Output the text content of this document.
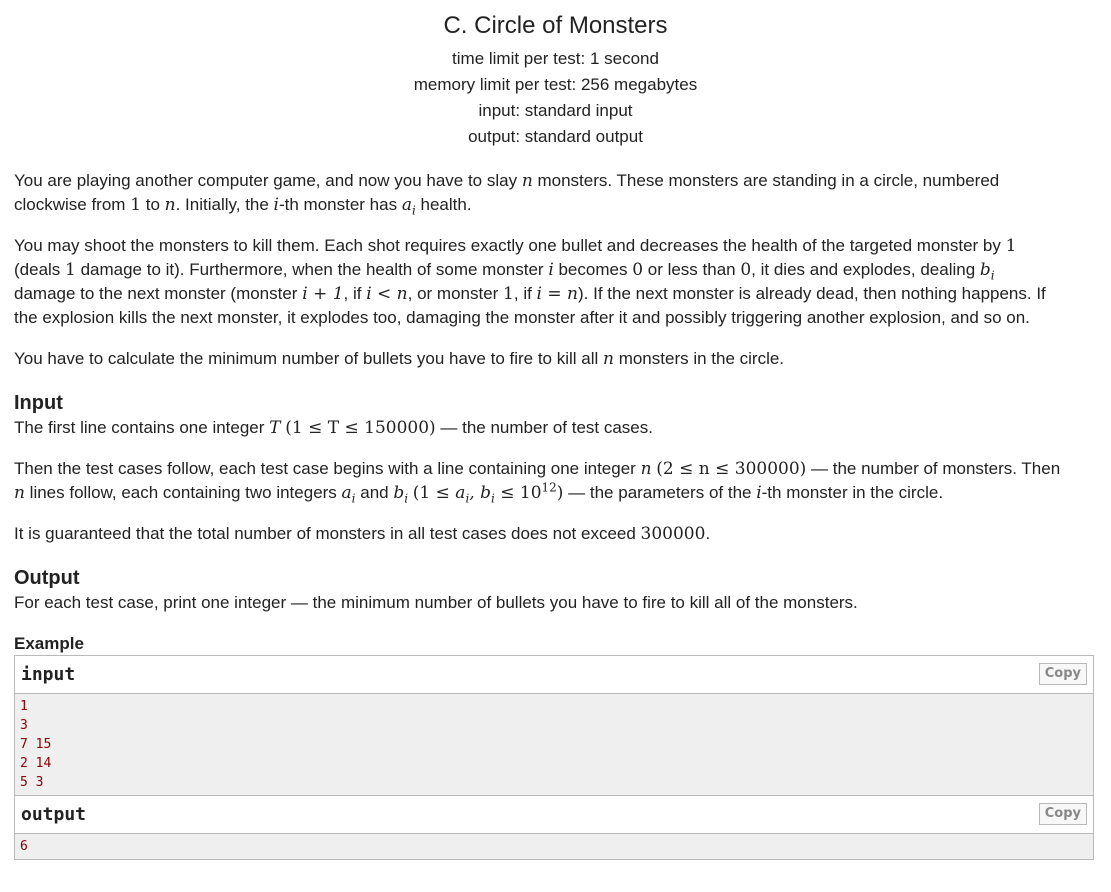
C. Circle of Monsters
time limit per test: 1 second
memory limit per test: 256 megabytes
input: standard input
output: standard output

You are playing another computer game, and now you have to slay n monsters. These monsters are standing in a circle, numbered
clockwise from 1 to n. Initially, the i-th monster has $a_i$ health.

You may shoot the monsters to kill them. Each shot requires exactly one bullet and decreases the health of the targeted monster by 1
(deals 1 damage to it). Furthermore, when the health of some monster i becomes 0 or less than 0, it dies and explodes, dealing $b_i$
damage to the next monster (monster i + 1, if i < n, or monster 1, if i = n). If the next monster is already dead, then nothing happens. If
the explosion kills the next monster, it explodes too, damaging the monster after it and possibly triggering another explosion, and so on.

You have to calculate the minimum number of bullets you have to fire to kill all n monsters in the circle.

Input

The first line contains one integer T (1 ≤ T ≤ 150000) — the number of test cases.

Then the test cases follow, each test case begins with a line containing one integer n (2 ≤ n ≤ 300000) — the number of monsters. Then
n lines follow, each containing two integers $a_i$ and $b_i$ ($1 \le a_i$, $b_i \le 10^{12}$) — the parameters of the i-th monster in the circle.

It is guaranteed that the total number of monsters in all test cases does not exceed 300000.

Output

For each test case, print one integer — the minimum number of bullets you have to fire to kill all of the monsters.

Example
input	Copy
1
3
7 15
2 14
5 3
output	Copy
6
